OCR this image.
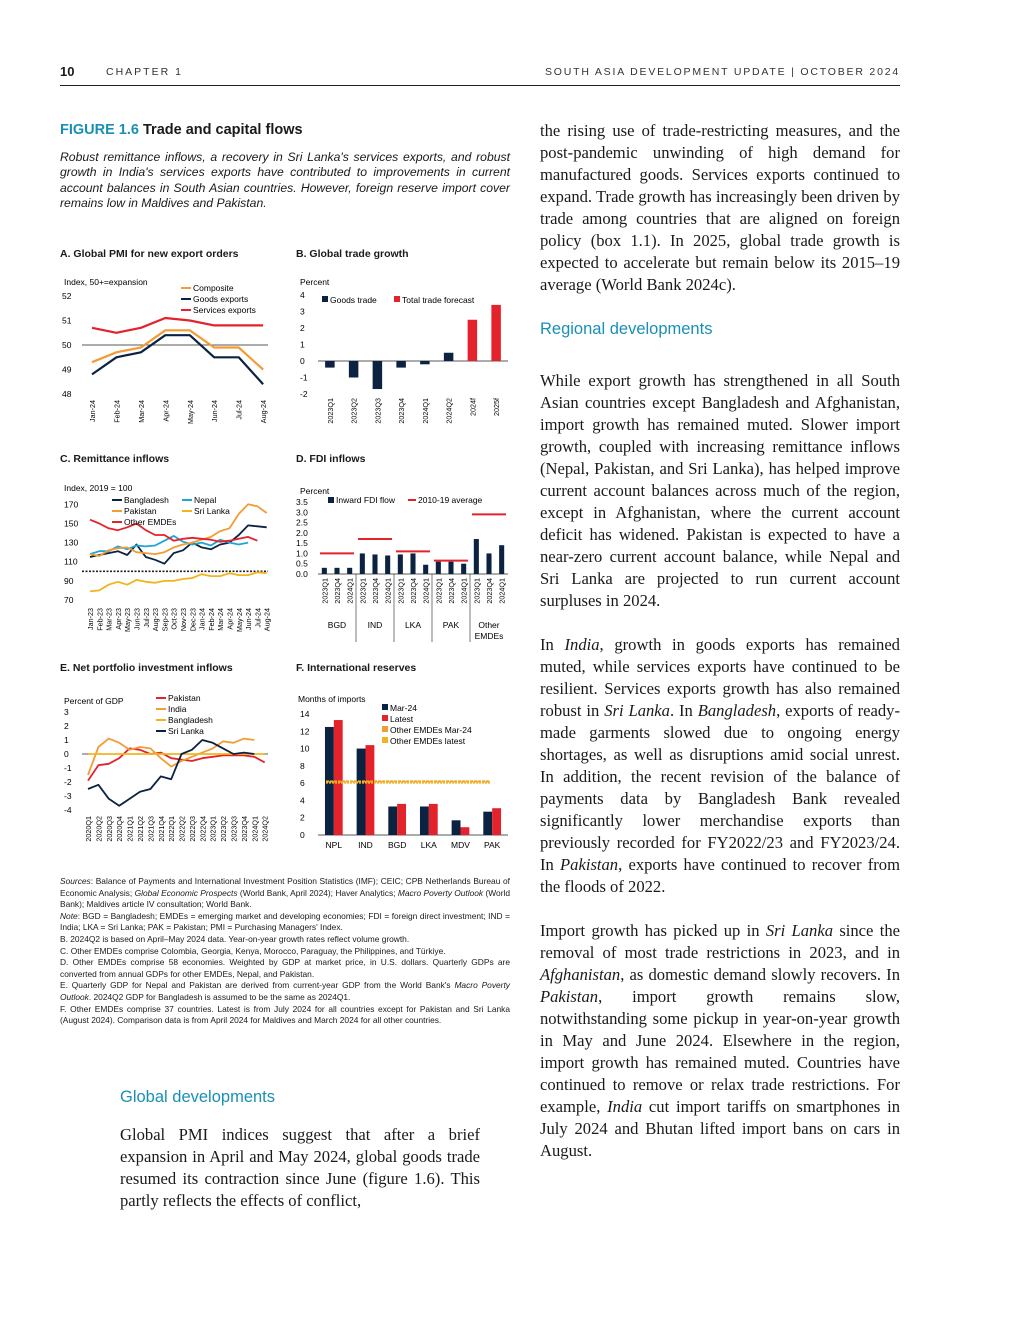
10	CHAPTER 1	SOUTH ASIA DEVELOPMENT UPDATE | OCTOBER 2024

FIGURE 1.6 Trade and capital flows

Robust remittance inflows, a recovery in Sri Lanka's services exports, and robust growth in India's services exports have contributed to improvements in current account balances in South Asian countries. However, foreign reserve import cover remains low in Maldives and Pakistan.
A. Global PMI for new export orders
Index, 50+=expansion
48
49
50
51
52
Jan-24 Feb-24 Mar-24 Apr-24 May-24 Jun-24 Jul-24 Aug-24
Composite
Goods exports
Services exports
B. Global trade growth
Percent
-2
-1
0
1
2
3
4
2023Q1 2023Q2 2023Q3 2023Q4 2024Q1 2024Q2 2024f 2025f
Goods trade	Total trade forecast
C. Remittance inflows
Index, 2019 = 100
70
90
110
130
150
170
Jan-23 Feb-23 Mar-23 Apr-23 May-23 Jun-23 Jul-23 Aug-23 Sep-23 Oct-23 Nov-23 Dec-23 Jan-24 Feb-24 Mar-24 Apr-24 May-24 Jun-24 Jul-24 Aug-24
Bangladesh
Pakistan
Other EMDEs
Nepal
Sri Lanka
D. FDI inflows
Percent
0.0
0.5
1.0
1.5
2.0
2.5
3.0
3.5
2023Q1 2023Q4 2024Q1 2023Q1 2023Q4 2024Q1 2023Q1 2023Q4 2024Q1 2023Q1 2023Q4 2024Q1 2023Q1 2023Q4 2024Q1
BGD	IND	LKA	PAK Other
EMDEs
Inward FDI flow	2010-19 average
E. Net portfolio investment inflows
Percent of GDP
-4
-3
-2
-1
0
1
2
3
2020Q1 2020Q2 2020Q3 2020Q4 2021Q1 2021Q2 2021Q3 2021Q4 2022Q1 2022Q2 2022Q3 2022Q4 2023Q1 2023Q2 2023Q3 2023Q4 2024Q1 2024Q2
Pakistan
India
Bangladesh
Sri Lanka
F. International reserves
Months of imports
0
2
4
6
8
10
12
14
NPL IND BGD LKA MDV PAK
Mar-24
Latest
Other EMDEs Mar-24
Other EMDEs latest

Sources: Balance of Payments and International Investment Position Statistics (IMF); CEIC; CPB Netherlands Bureau of Economic Analysis; Global Economic Prospects (World Bank, April 2024); Haver Analytics; Macro Poverty Outlook (World Bank); Maldives article IV consultation; World Bank.

Note: BGD = Bangladesh; EMDEs = emerging market and developing economies; FDI = foreign direct investment; IND = India; LKA = Sri Lanka; PAK = Pakistan; PMI = Purchasing Managers' Index.

B. 2024Q2 is based on April–May 2024 data. Year-on-year growth rates reflect volume growth.

C. Other EMDEs comprise Colombia, Georgia, Kenya, Morocco, Paraguay, the Philippines, and Türkiye.

D. Other EMDEs comprise 58 economies. Weighted by GDP at market price, in U.S. dollars. Quarterly GDPs are converted from annual GDPs for other EMDEs, Nepal, and Pakistan.

E. Quarterly GDP for Nepal and Pakistan are derived from current-year GDP from the World Bank's Macro Poverty Outlook. 2024Q2 GDP for Bangladesh is assumed to be the same as 2024Q1.

F. Other EMDEs comprise 37 countries. Latest is from July 2024 for all countries except for Pakistan and Sri Lanka (August 2024). Comparison data is from April 2024 for Maldives and March 2024 for all other countries.

Global developments
Global PMI indices suggest that after a brief expansion in April and May 2024, global goods trade resumed its contraction since June (figure 1.6). This partly reflects the effects of conflict,

the rising use of trade-restricting measures, and the post-pandemic unwinding of high demand for manufactured goods. Services exports continued to expand. Trade growth has increasingly been driven by trade among countries that are aligned on foreign policy (box 1.1). In 2025, global trade growth is expected to accelerate but remain below its 2015–19 average (World Bank 2024c).

Regional developments

While export growth has strengthened in all South Asian countries except Bangladesh and Afghanistan, import growth has remained muted. Slower import growth, coupled with increasing remittance inflows (Nepal, Pakistan, and Sri Lanka), has helped improve current account balances across much of the region, except in Afghanistan, where the current account deficit has widened. Pakistan is expected to have a near-zero current account balance, while Nepal and Sri Lanka are projected to run current account surpluses in 2024.

In India, growth in goods exports has remained muted, while services exports have continued to be resilient. Services exports growth has also remained robust in Sri Lanka. In Bangladesh, exports of ready-made garments slowed due to ongoing energy shortages, as well as disruptions amid social unrest. In addition, the recent revision of the balance of payments data by Bangladesh Bank revealed significantly lower merchandise exports than previously recorded for FY2022/23 and FY2023/24. In Pakistan, exports have continued to recover from the floods of 2022.

Import growth has picked up in Sri Lanka since the removal of most trade restrictions in 2023, and in Afghanistan, as domestic demand slowly recovers. In Pakistan, import growth remains slow, notwithstanding some pickup in year-on-year growth in May and June 2024. Elsewhere in the region, import growth has remained muted. Countries have continued to remove or relax trade restrictions. For example, India cut import tariffs on smartphones in July 2024 and Bhutan lifted import bans on cars in August.
